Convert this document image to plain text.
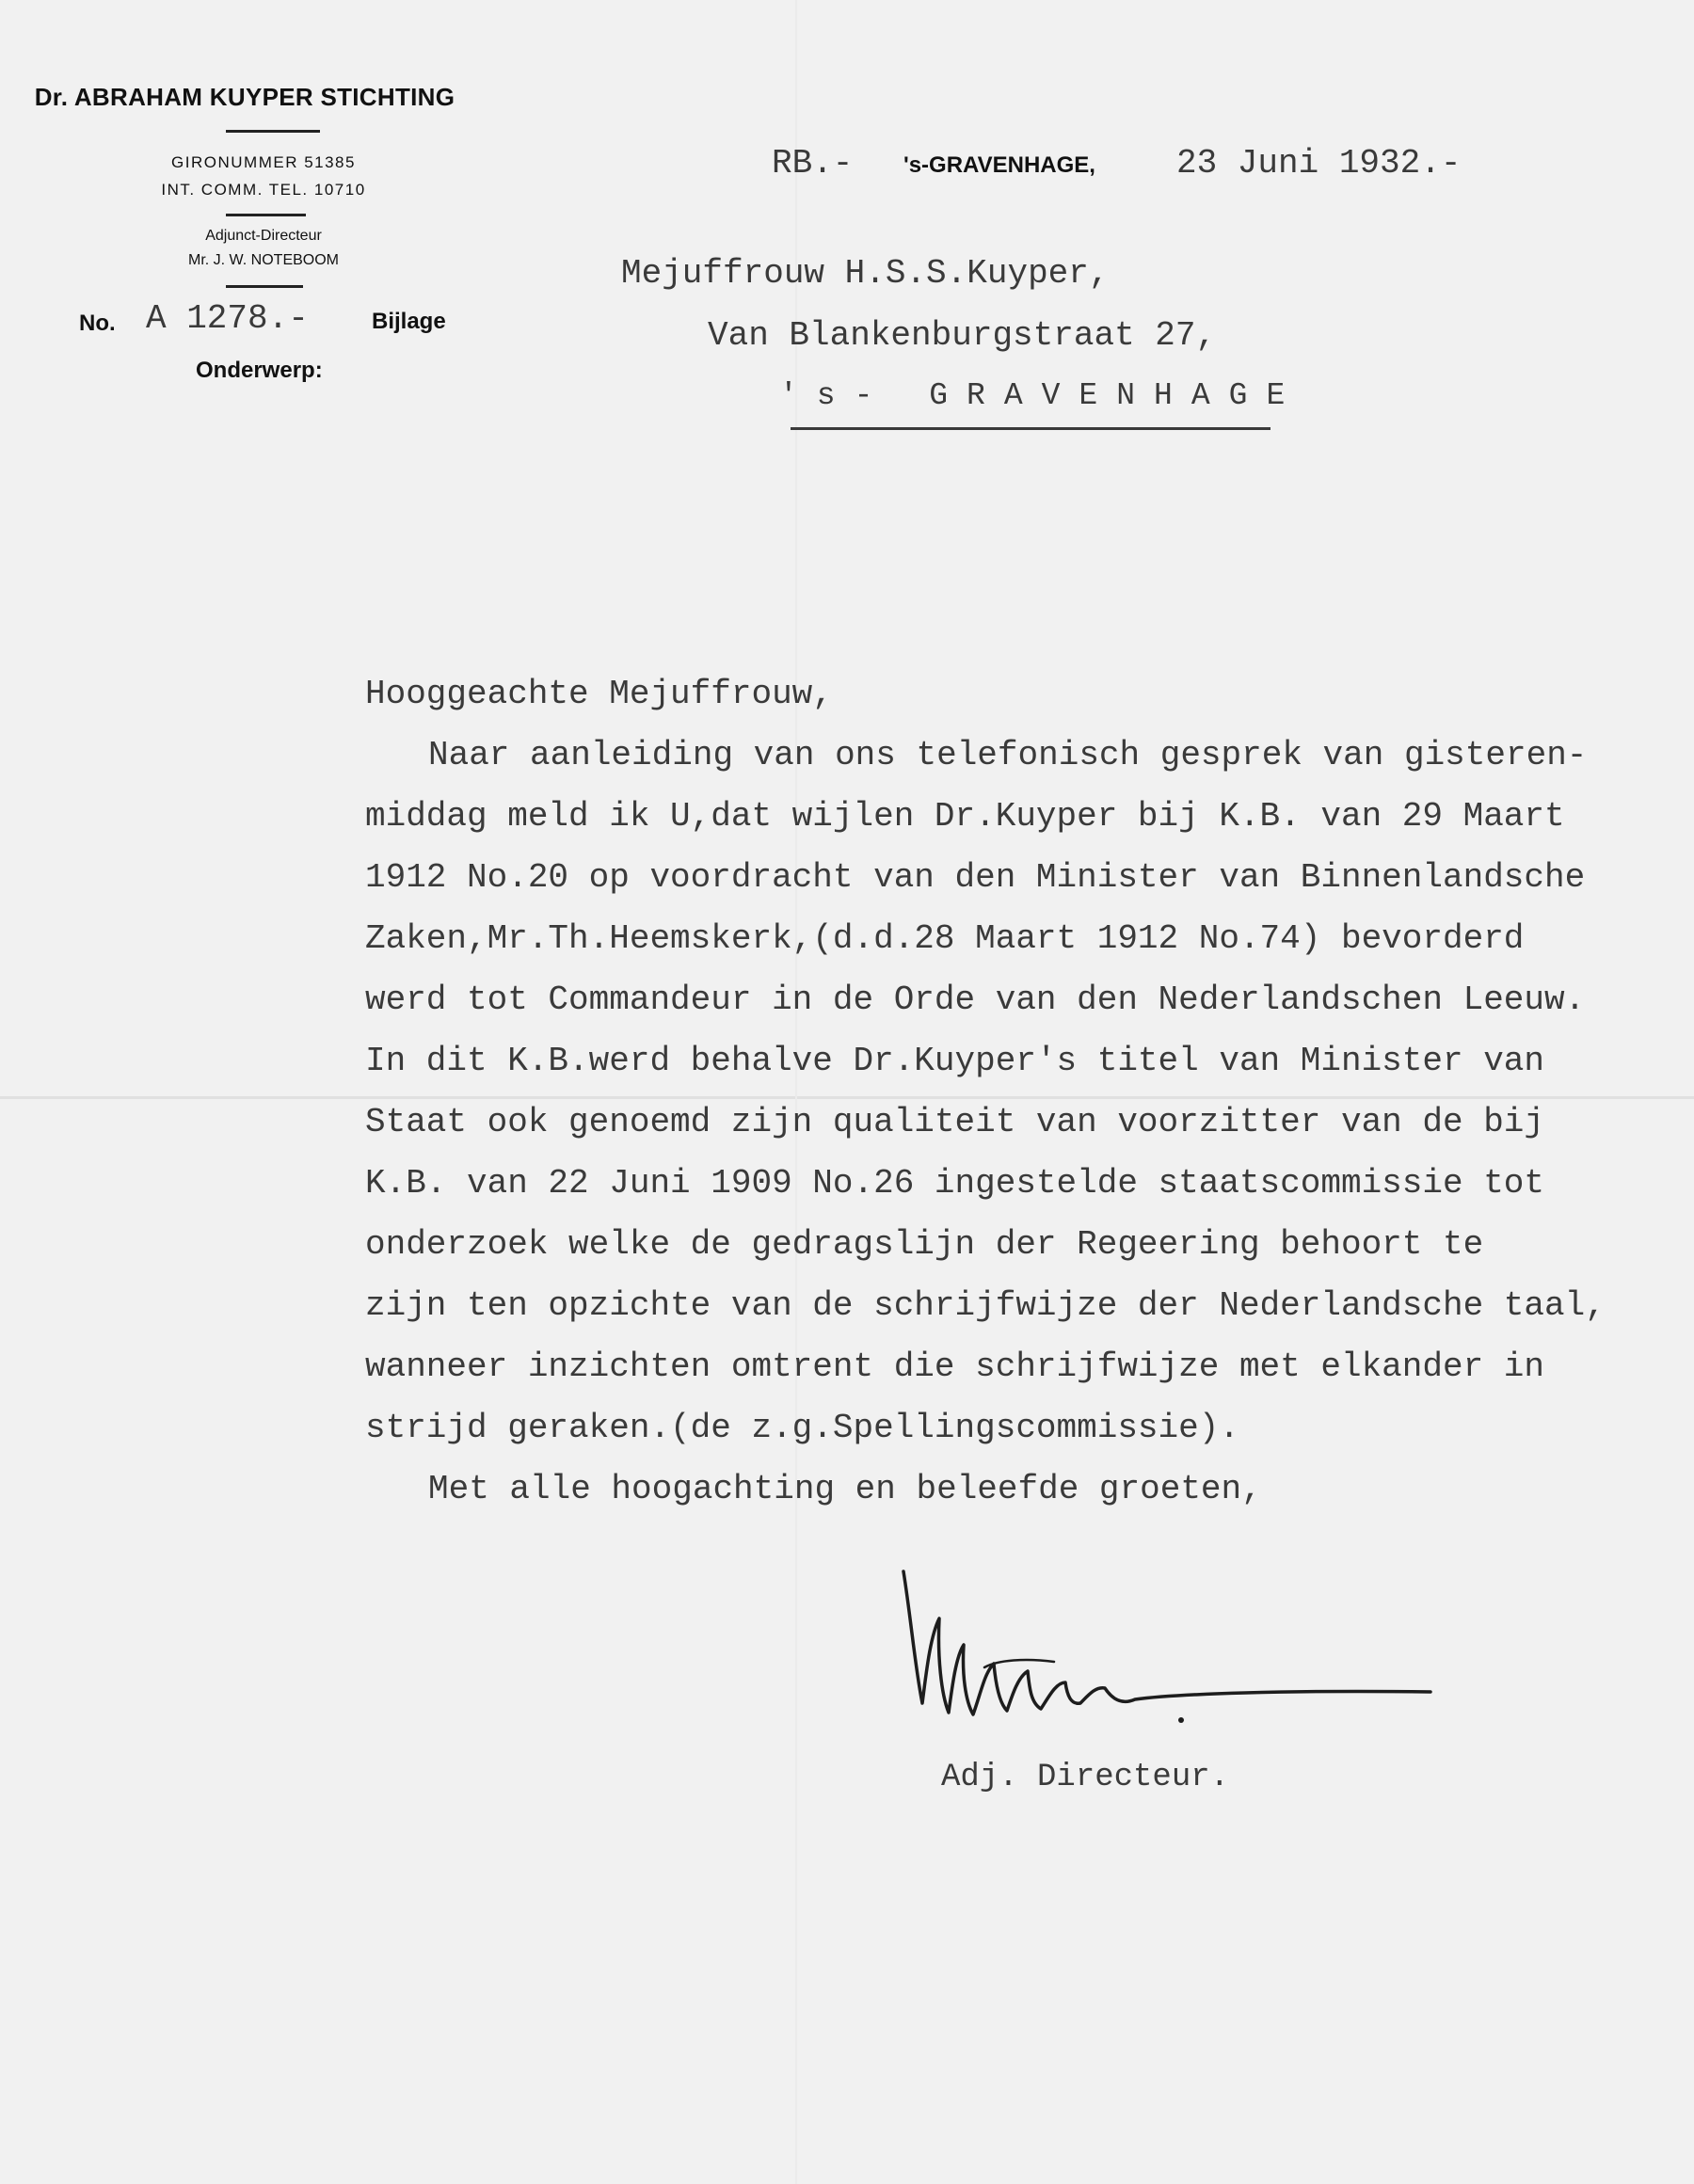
Dr. ABRAHAM KUYPER STICHTING
GIRONUMMER 51385
INT. COMM. TEL. 10710
Adjunct-Directeur
Mr. J. W. NOTEBOOM
No. A 1278.-	Bijlage
Onderwerp:
RB.- 's-GRAVENHAGE, 23 Juni 1932.-
Mejuffrouw H.S.S.Kuyper,
Van Blankenburgstraat 27,
's- GRAVENHAGE
Hooggeachte Mejuffrouw,
Naar aanleiding van ons telefonisch gesprek van gisteren-
middag meld ik U,dat wijlen Dr.Kuyper bij K.B. van 29 Maart
1912 No.20 op voordracht van den Minister van Binnenlandsche
Zaken,Mr.Th.Heemskerk,(d.d.28 Maart 1912 No.74) bevorderd
werd tot Commandeur in de Orde van den Nederlandschen Leeuw.
In dit K.B.werd behalve Dr.Kuyper's titel van Minister van
Staat ook genoemd zijn qualiteit van voorzitter van de bij
K.B. van 22 Juni 1909 No.26 ingestelde staatscommissie tot
onderzoek welke de gedragslijn der Regeering behoort te
zijn ten opzichte van de schrijfwijze der Nederlandsche taal,
wanneer inzichten omtrent die schrijfwijze met elkander in
strijd geraken.(de z.g.Spellingscommissie).
Met alle hoogachting en beleefde groeten,
Adj. Directeur.
